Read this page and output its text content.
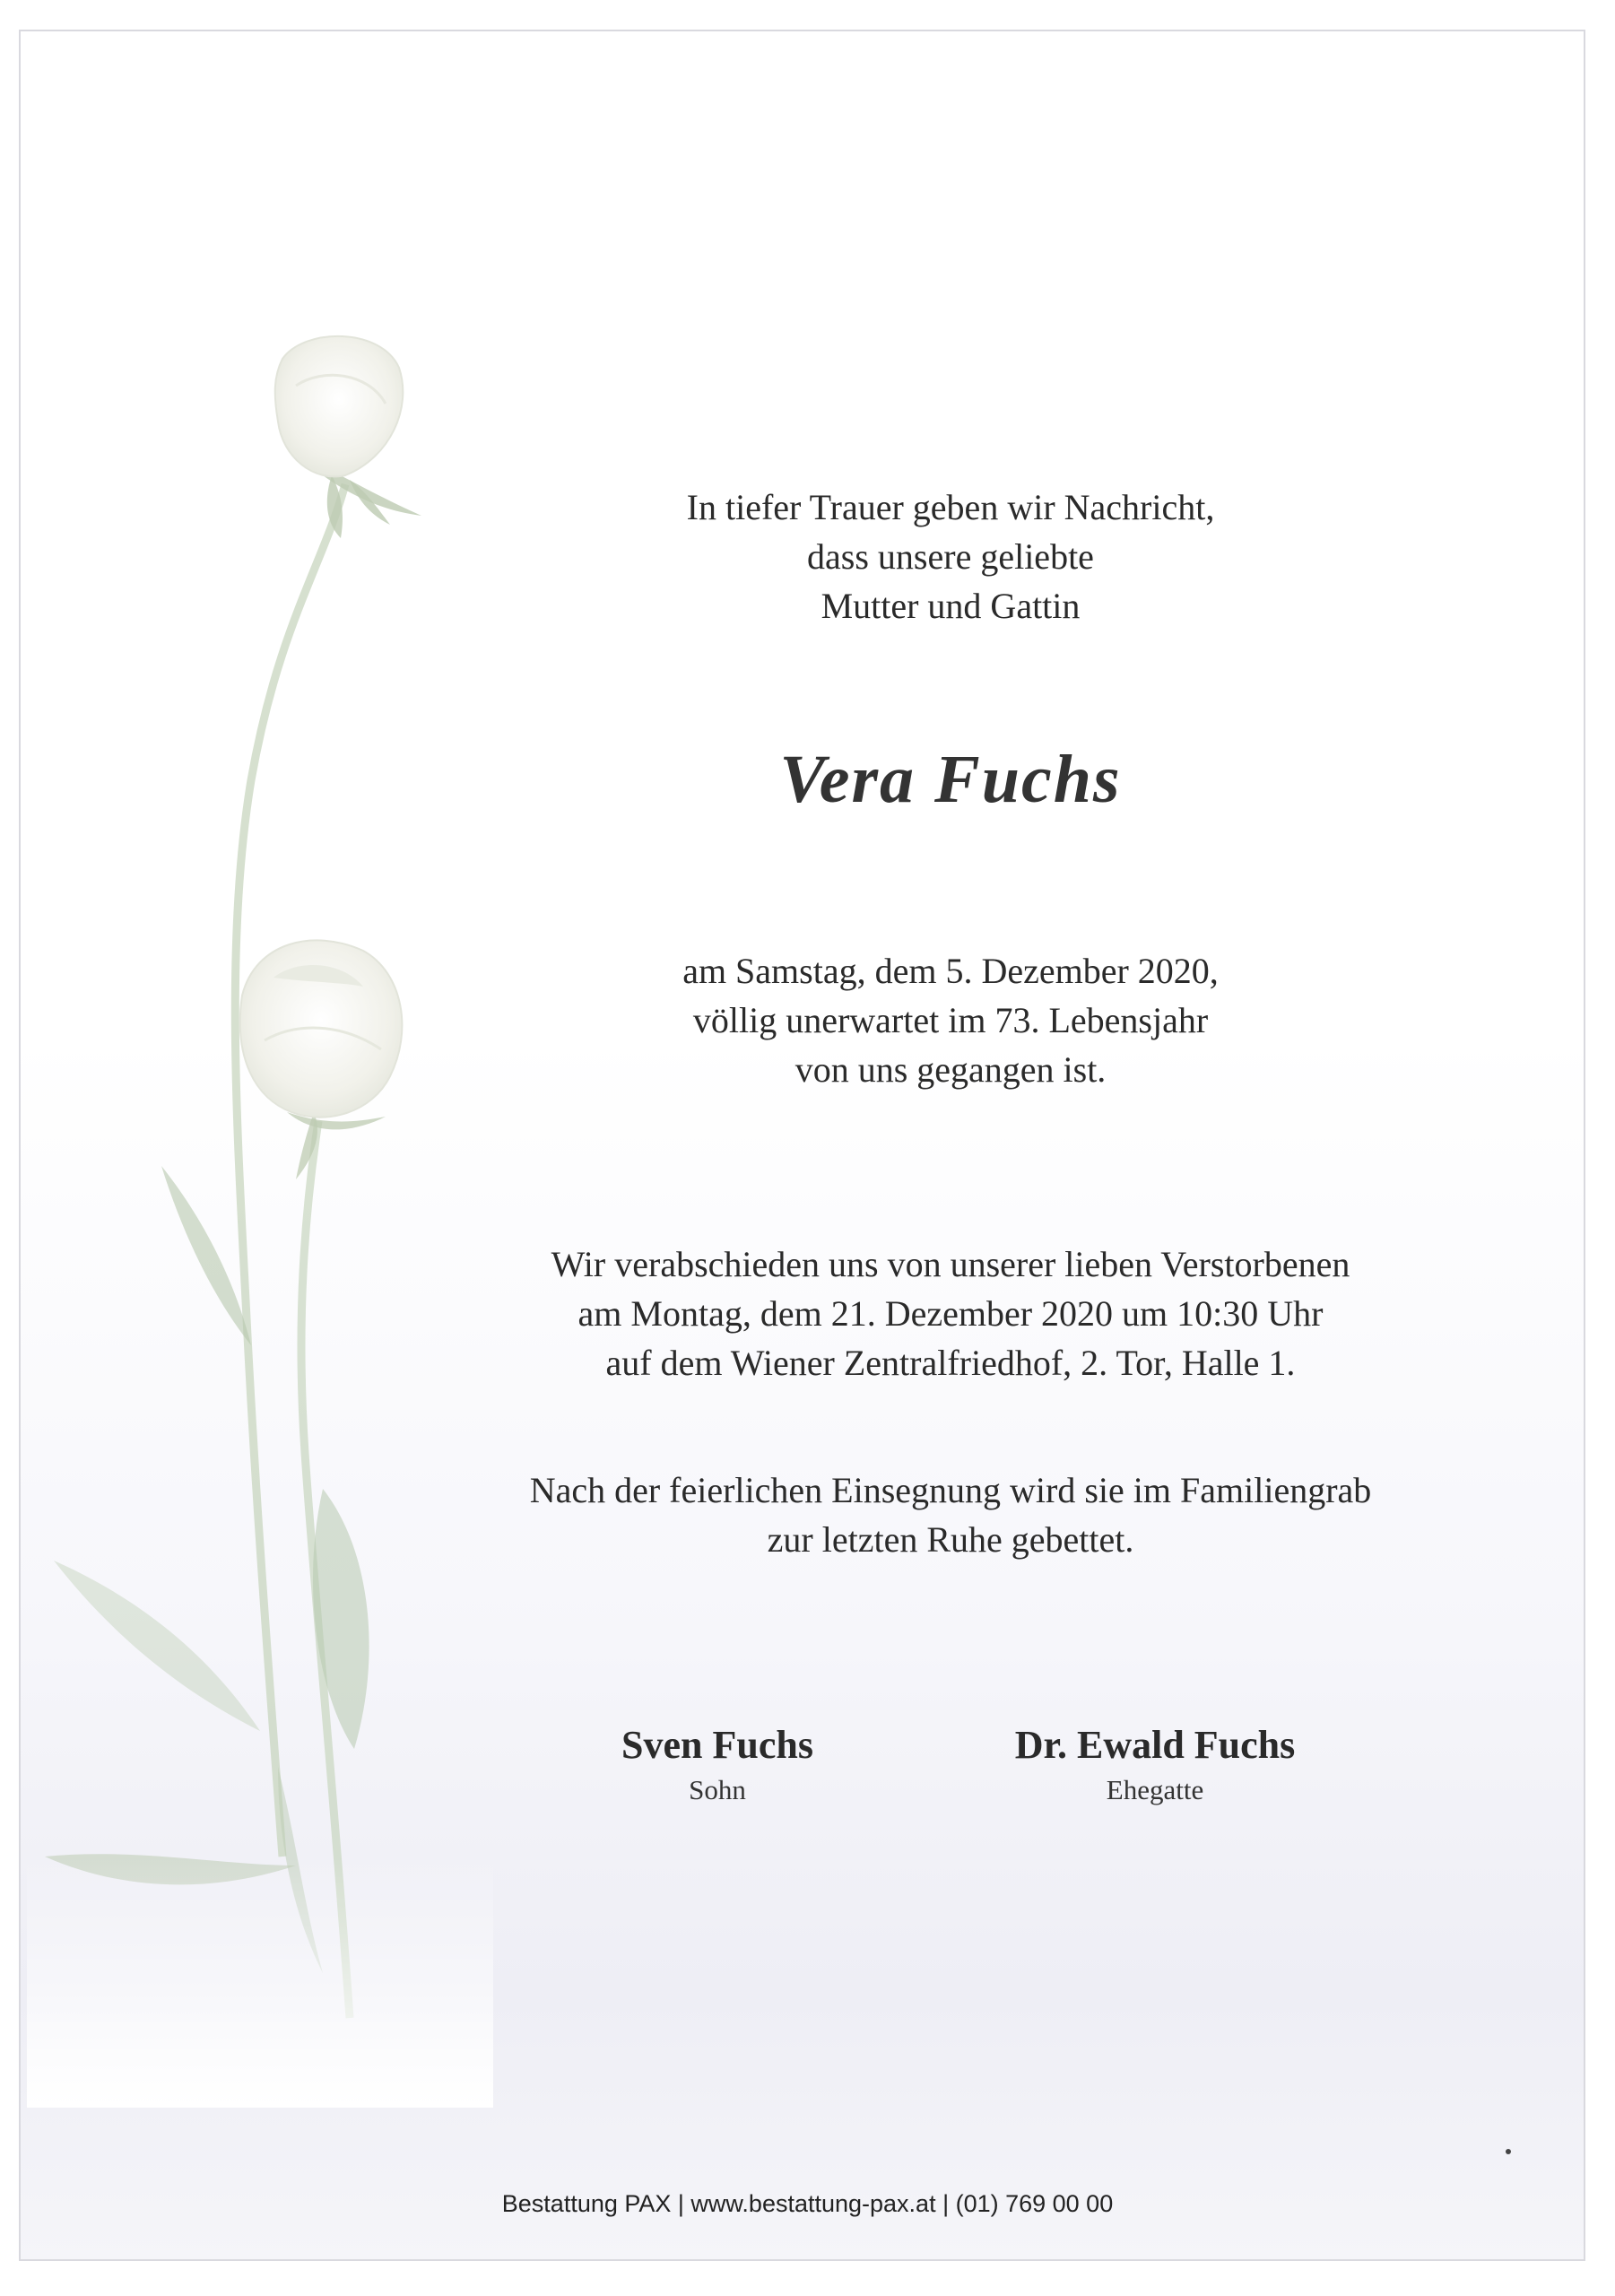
In tiefer Trauer geben wir Nachricht,
dass unsere geliebte
Mutter und Gattin
Vera Fuchs
am Samstag, dem 5. Dezember 2020,
völlig unerwartet im 73. Lebensjahr
von uns gegangen ist.
Wir verabschieden uns von unserer lieben Verstorbenen
am Montag, dem 21. Dezember 2020 um 10:30 Uhr
auf dem Wiener Zentralfriedhof, 2. Tor, Halle 1.
Nach der feierlichen Einsegnung wird sie im Familiengrab
zur letzten Ruhe gebettet.
Sven Fuchs
Sohn
Dr. Ewald Fuchs
Ehegatte
Bestattung PAX | www.bestattung-pax.at | (01) 769 00 00
